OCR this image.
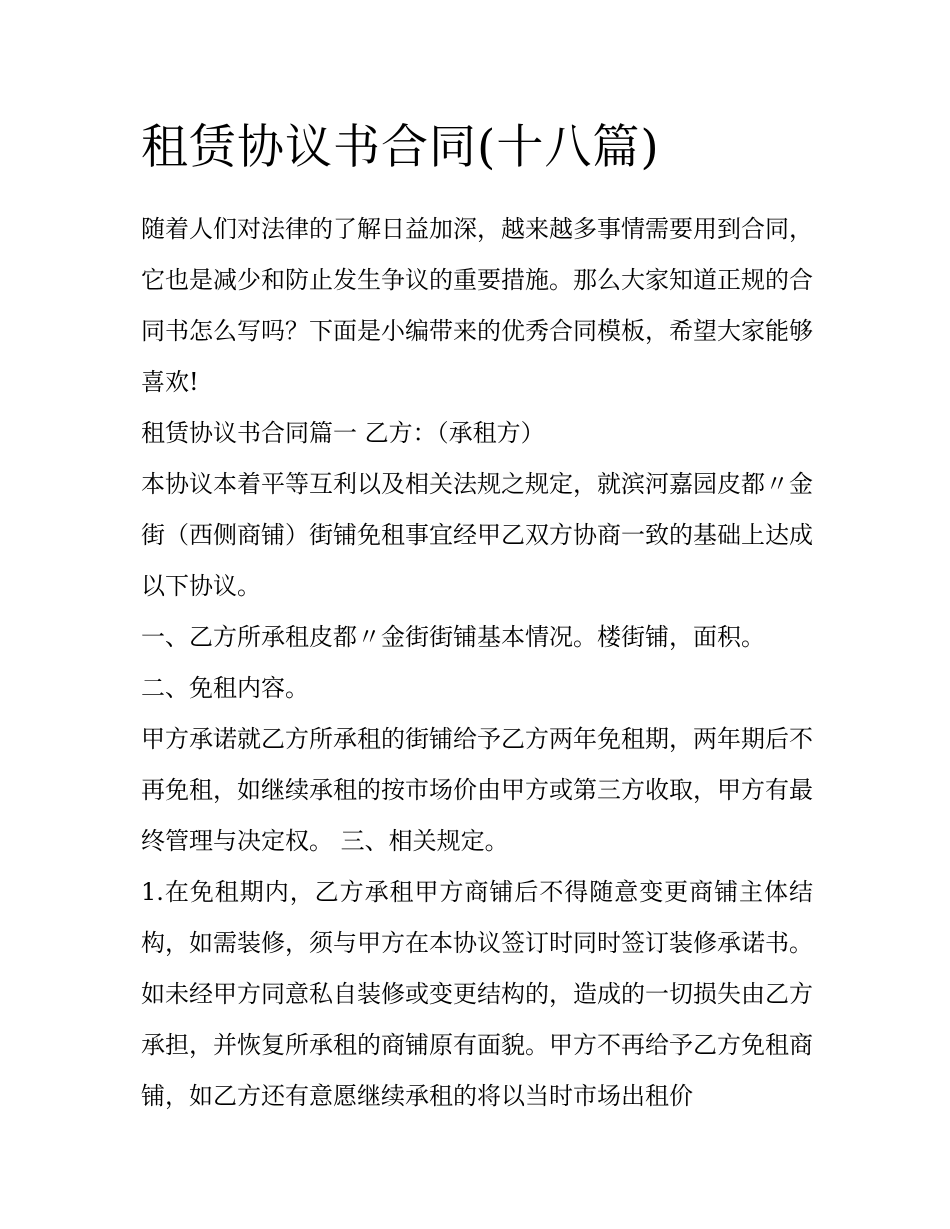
租赁协议书合同(十八篇)

随着人们对法律的了解日益加深，越来越多事情需要用到合同，它也是减少和防止发生争议的重要措施。那么大家知道正规的合同书怎么写吗？下面是小编带来的优秀合同模板，希望大家能够喜欢!

租赁协议书合同篇一 乙方：（承租方）

本协议本着平等互利以及相关法规之规定，就滨河嘉园皮都〃金街（西侧商铺）街铺免租事宜经甲乙双方协商一致的基础上达成以下协议。

一、乙方所承租皮都〃金街街铺基本情况。楼街铺，面积。

二、免租内容。

甲方承诺就乙方所承租的街铺给予乙方两年免租期，两年期后不再免租，如继续承租的按市场价由甲方或第三方收取，甲方有最终管理与决定权。 三、相关规定。

1.在免租期内，乙方承租甲方商铺后不得随意变更商铺主体结构，如需装修，须与甲方在本协议签订时同时签订装修承诺书。如未经甲方同意私自装修或变更结构的，造成的一切损失由乙方承担，并恢复所承租的商铺原有面貌。甲方不再给予乙方免租商铺，如乙方还有意愿继续承租的将以当时市场出租价
